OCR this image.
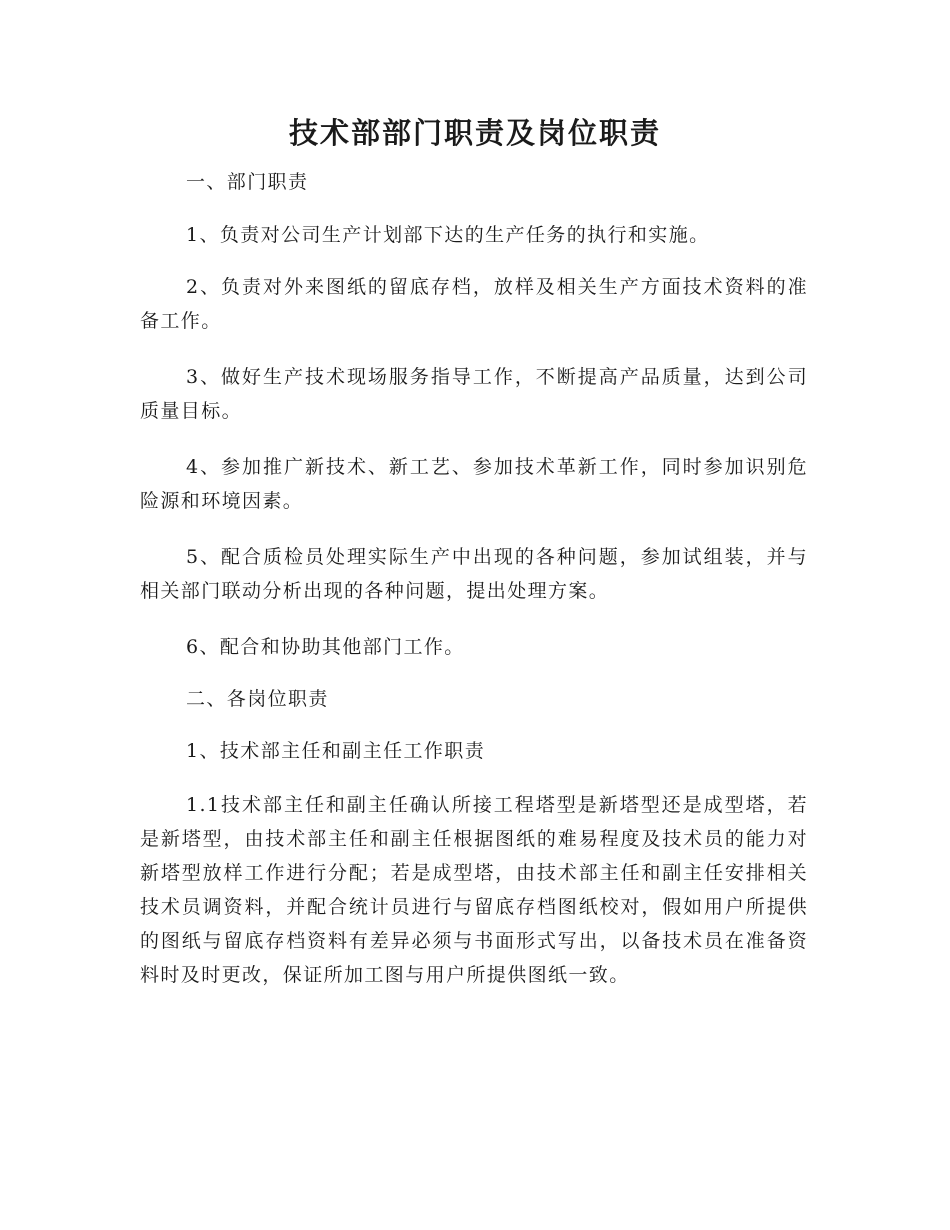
技术部部门职责及岗位职责

一、部门职责

1、负责对公司生产计划部下达的生产任务的执行和实施。

2、负责对外来图纸的留底存档，放样及相关生产方面技术资料的准备工作。

3、做好生产技术现场服务指导工作，不断提高产品质量，达到公司质量目标。

4、参加推广新技术、新工艺、参加技术革新工作，同时参加识别危险源和环境因素。

5、配合质检员处理实际生产中出现的各种问题，参加试组装，并与相关部门联动分析出现的各种问题，提出处理方案。

6、配合和协助其他部门工作。

二、各岗位职责

1、技术部主任和副主任工作职责

1.1技术部主任和副主任确认所接工程塔型是新塔型还是成型塔，若是新塔型，由技术部主任和副主任根据图纸的难易程度及技术员的能力对新塔型放样工作进行分配；若是成型塔，由技术部主任和副主任安排相关技术员调资料，并配合统计员进行与留底存档图纸校对，假如用户所提供的图纸与留底存档资料有差异必须与书面形式写出，以备技术员在准备资料时及时更改，保证所加工图与用户所提供图纸一致。
